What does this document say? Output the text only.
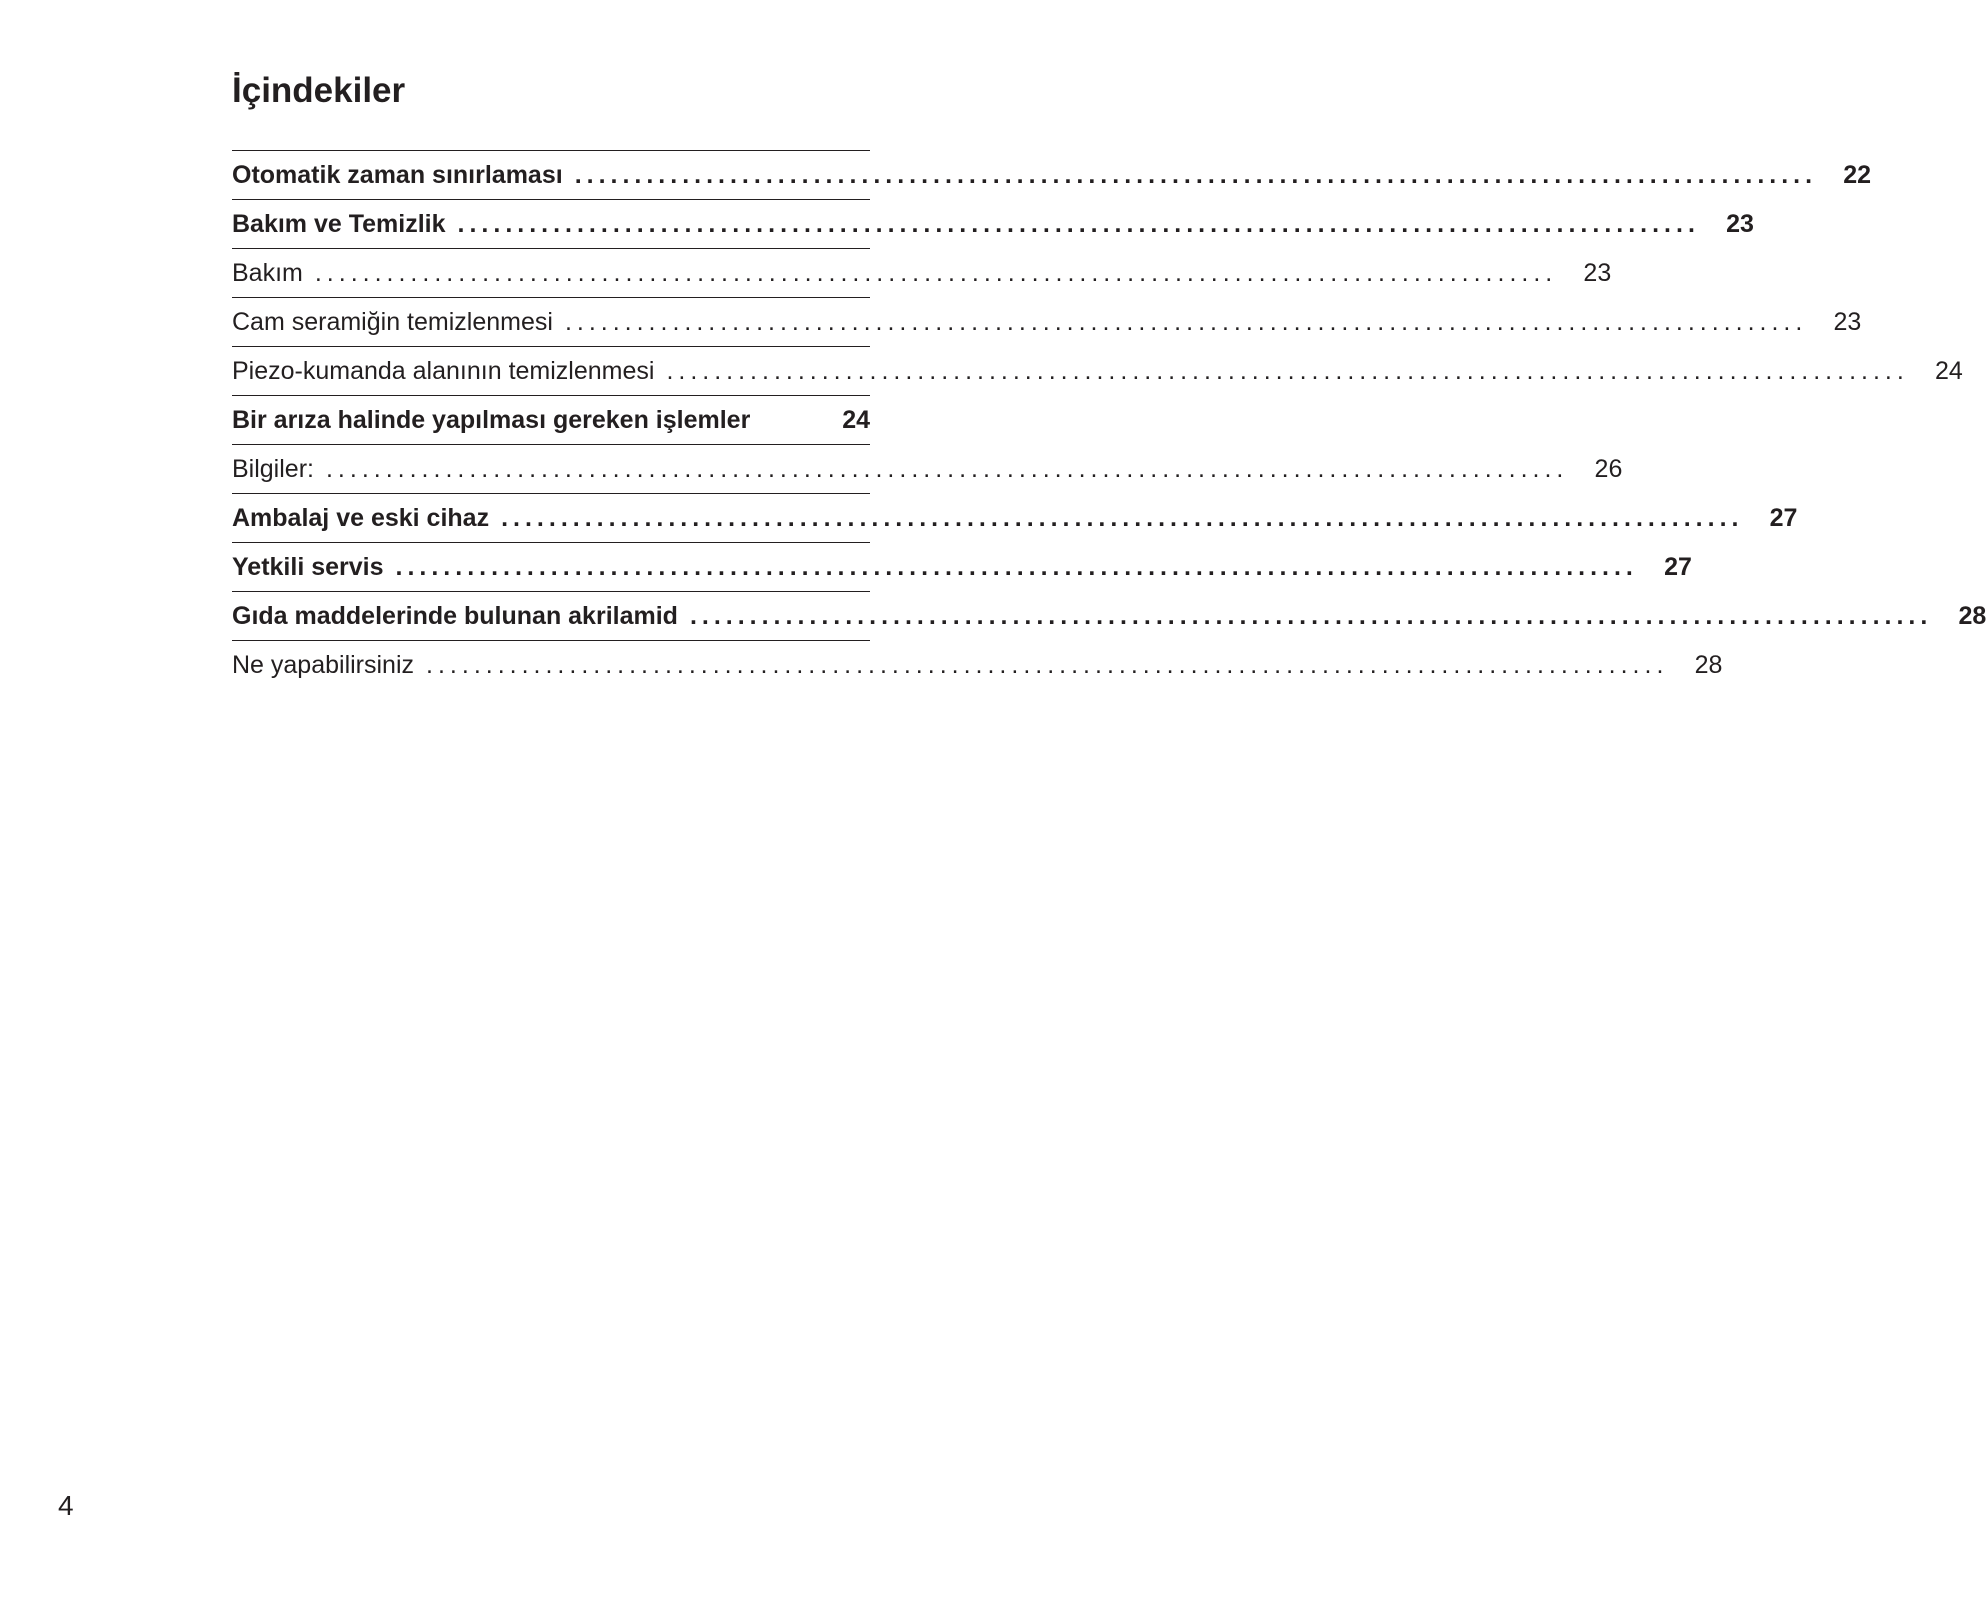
İçindekiler
Otomatik zaman sınırlaması ........................................................................................................	22
Bakım ve Temizlik ........................................................................................................	23
Bakım ........................................................................................................	23
Cam seramiğin temizlenmesi ........................................................................................................	23
Piezo-kumanda alanının temizlenmesi ........................................................................................................	24
Bir arıza halinde yapılması gereken işlemler	24
Bilgiler: ........................................................................................................	26
Ambalaj ve eski cihaz ........................................................................................................	27
Yetkili servis ........................................................................................................	27
Gıda maddelerinde bulunan akrilamid ........................................................................................................	28
Ne yapabilirsiniz ........................................................................................................	28
4
